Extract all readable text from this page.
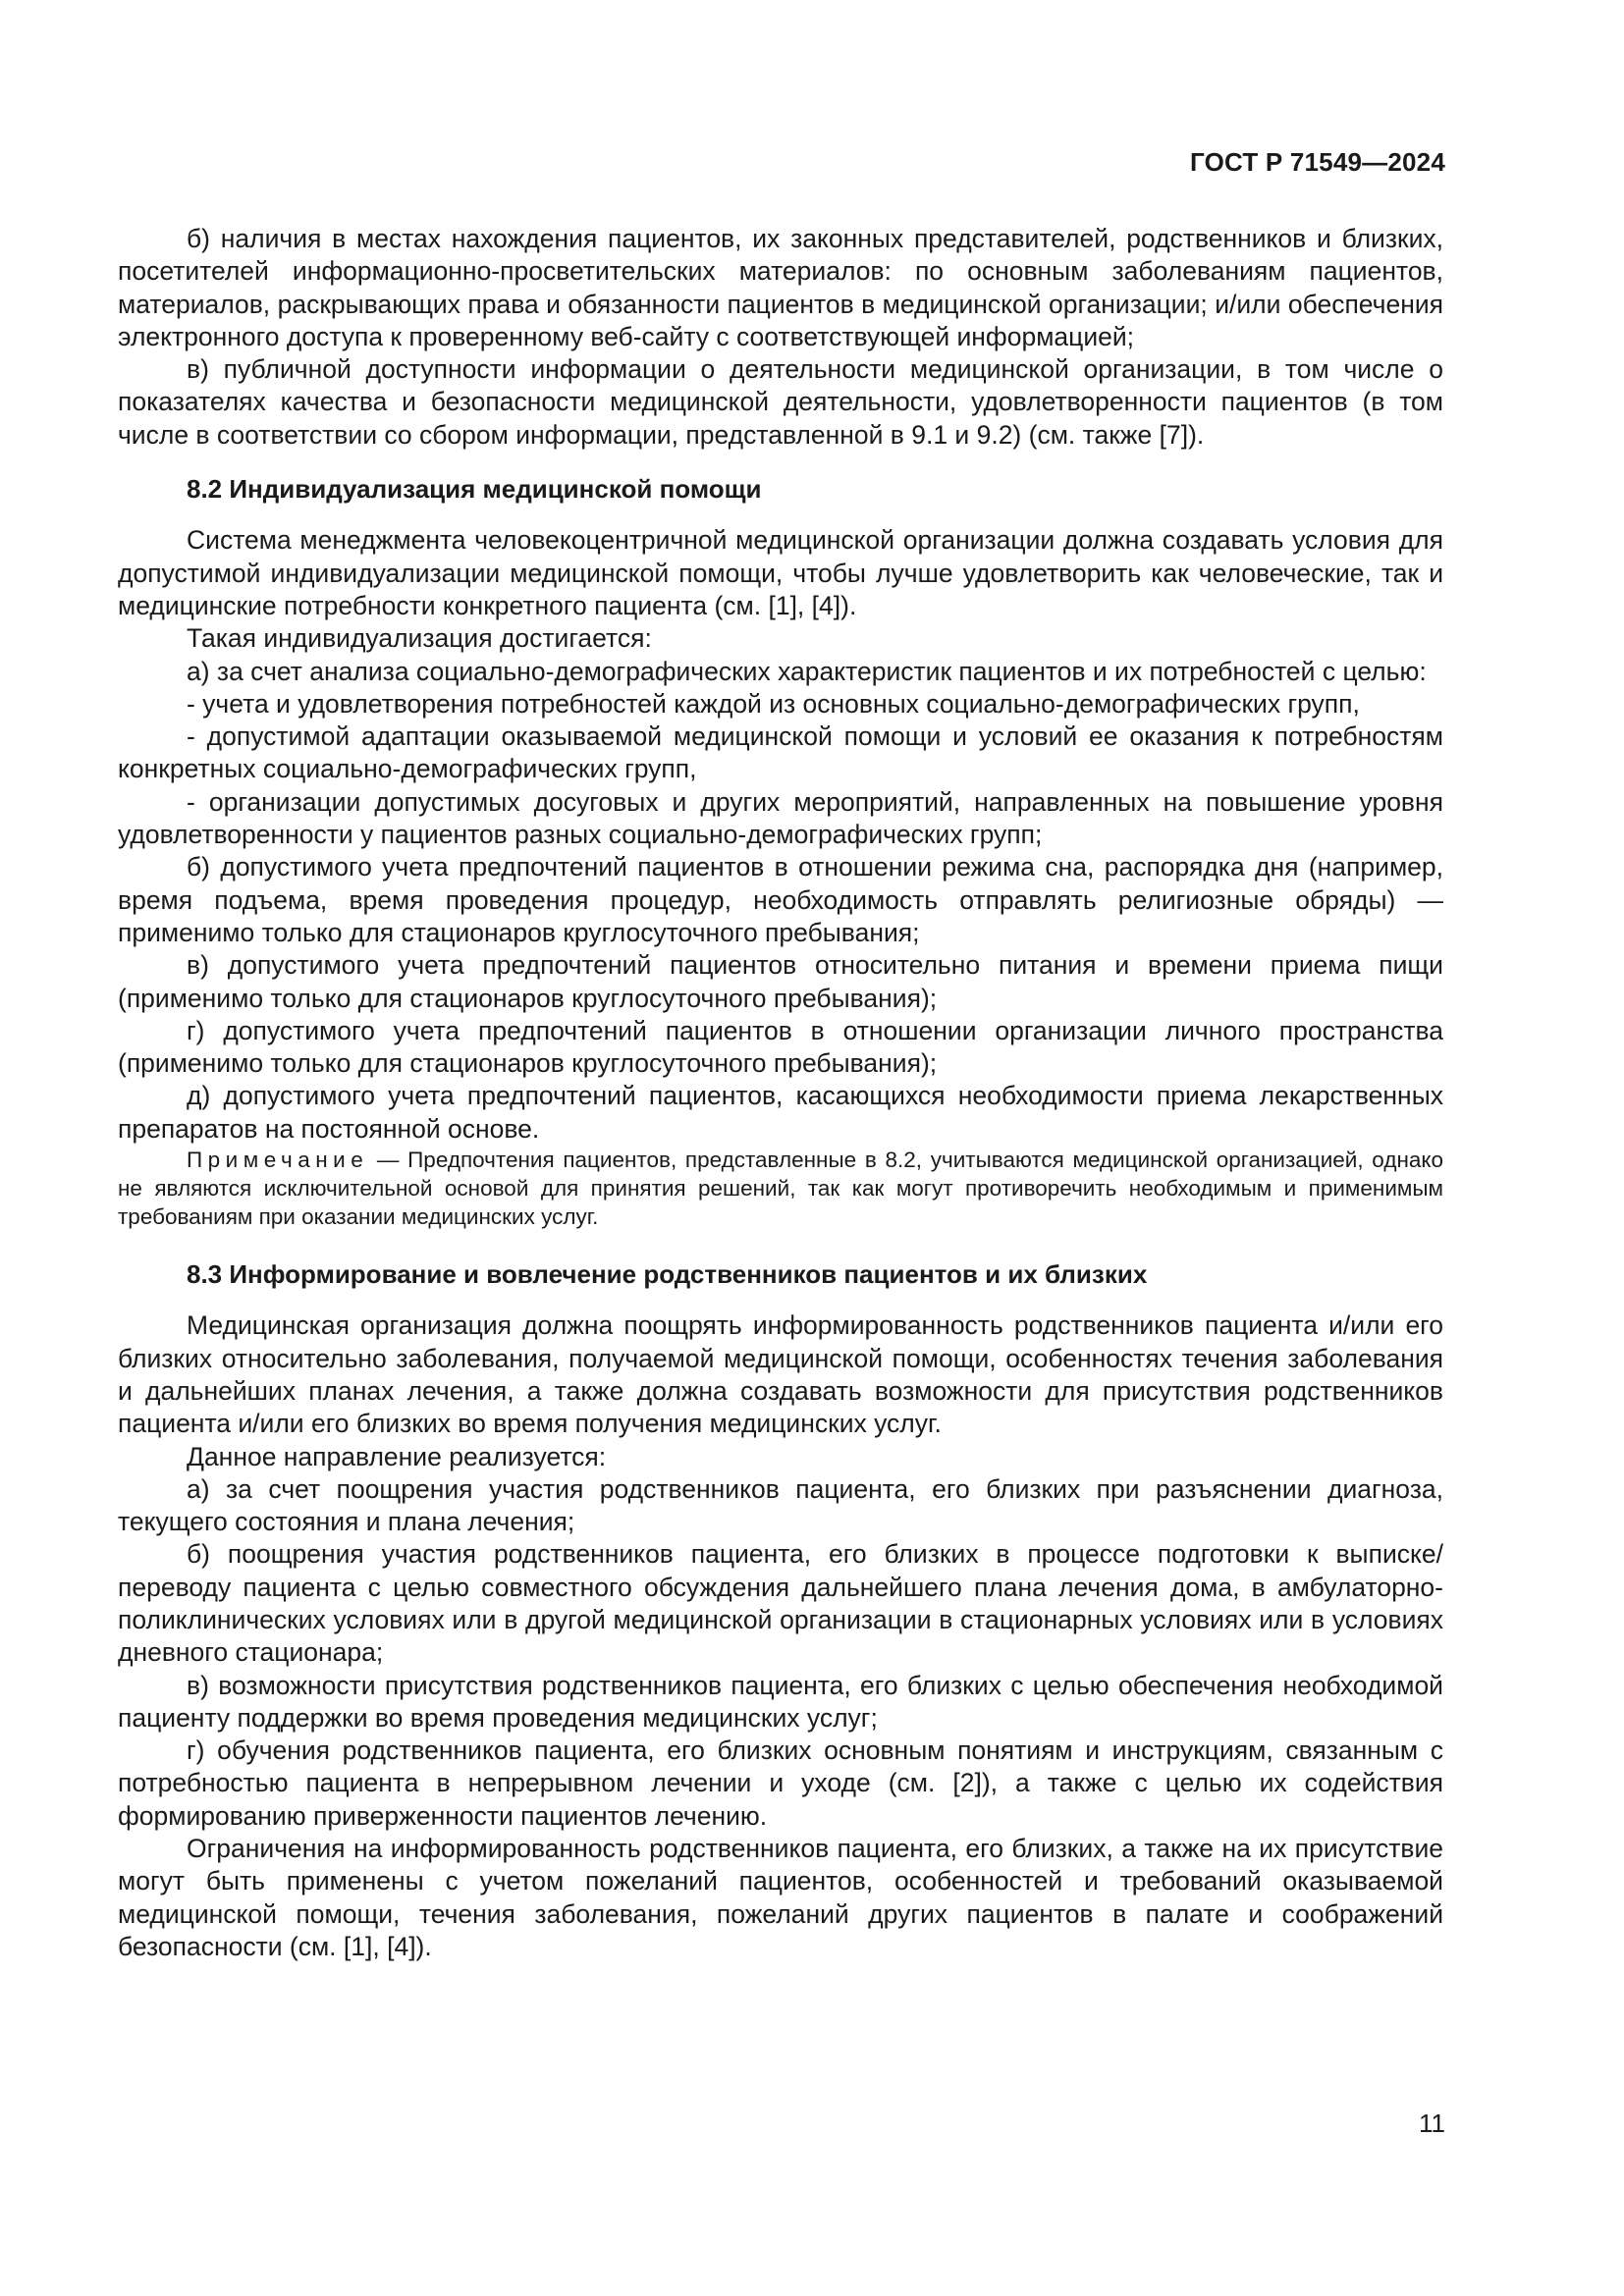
ГОСТ Р 71549—2024

б) наличия в местах нахождения пациентов, их законных представителей, родственников и близких, посетителей информационно-просветительских материалов: по основным заболеваниям пациентов, материалов, раскрывающих права и обязанности пациентов в медицинской организации; и/или обеспечения электронного доступа к проверенному веб-сайту с соответствующей информацией;

в) публичной доступности информации о деятельности медицинской организации, в том числе о показателях качества и безопасности медицинской деятельности, удовлетворенности пациентов (в том числе в соответствии со сбором информации, представленной в 9.1 и 9.2) (см. также [7]).

8.2 Индивидуализация медицинской помощи

Система менеджмента человекоцентричной медицинской организации должна создавать условия для допустимой индивидуализации медицинской помощи, чтобы лучше удовлетворить как человеческие, так и медицинские потребности конкретного пациента (см. [1], [4]).

Такая индивидуализация достигается:

а) за счет анализа социально-демографических характеристик пациентов и их потребностей с целью:

- учета и удовлетворения потребностей каждой из основных социально-демографических групп,

- допустимой адаптации оказываемой медицинской помощи и условий ее оказания к потребностям конкретных социально-демографических групп,

- организации допустимых досуговых и других мероприятий, направленных на повышение уровня удовлетворенности у пациентов разных социально-демографических групп;

б) допустимого учета предпочтений пациентов в отношении режима сна, распорядка дня (например, время подъема, время проведения процедур, необходимость отправлять религиозные обряды) — применимо только для стационаров круглосуточного пребывания;

в) допустимого учета предпочтений пациентов относительно питания и времени приема пищи (применимо только для стационаров круглосуточного пребывания);

г) допустимого учета предпочтений пациентов в отношении организации личного пространства (применимо только для стационаров круглосуточного пребывания);

д) допустимого учета предпочтений пациентов, касающихся необходимости приема лекарственных препаратов на постоянной основе.

Примечание — Предпочтения пациентов, представленные в 8.2, учитываются медицинской организацией, однако не являются исключительной основой для принятия решений, так как могут противоречить необходимым и применимым требованиям при оказании медицинских услуг.

8.3 Информирование и вовлечение родственников пациентов и их близких

Медицинская организация должна поощрять информированность родственников пациента и/или его близких относительно заболевания, получаемой медицинской помощи, особенностях течения заболевания и дальнейших планах лечения, а также должна создавать возможности для присутствия родственников пациента и/или его близких во время получения медицинских услуг.

Данное направление реализуется:

а) за счет поощрения участия родственников пациента, его близких при разъяснении диагноза, текущего состояния и плана лечения;

б) поощрения участия родственников пациента, его близких в процессе подготовки к выписке/ переводу пациента с целью совместного обсуждения дальнейшего плана лечения дома, в амбулаторно-поликлинических условиях или в другой медицинской организации в стационарных условиях или в условиях дневного стационара;

в) возможности присутствия родственников пациента, его близких с целью обеспечения необходимой пациенту поддержки во время проведения медицинских услуг;

г) обучения родственников пациента, его близких основным понятиям и инструкциям, связанным с потребностью пациента в непрерывном лечении и уходе (см. [2]), а также с целью их содействия формированию приверженности пациентов лечению.

Ограничения на информированность родственников пациента, его близких, а также на их присутствие могут быть применены с учетом пожеланий пациентов, особенностей и требований оказываемой медицинской помощи, течения заболевания, пожеланий других пациентов в палате и соображений безопасности (см. [1], [4]).

11
